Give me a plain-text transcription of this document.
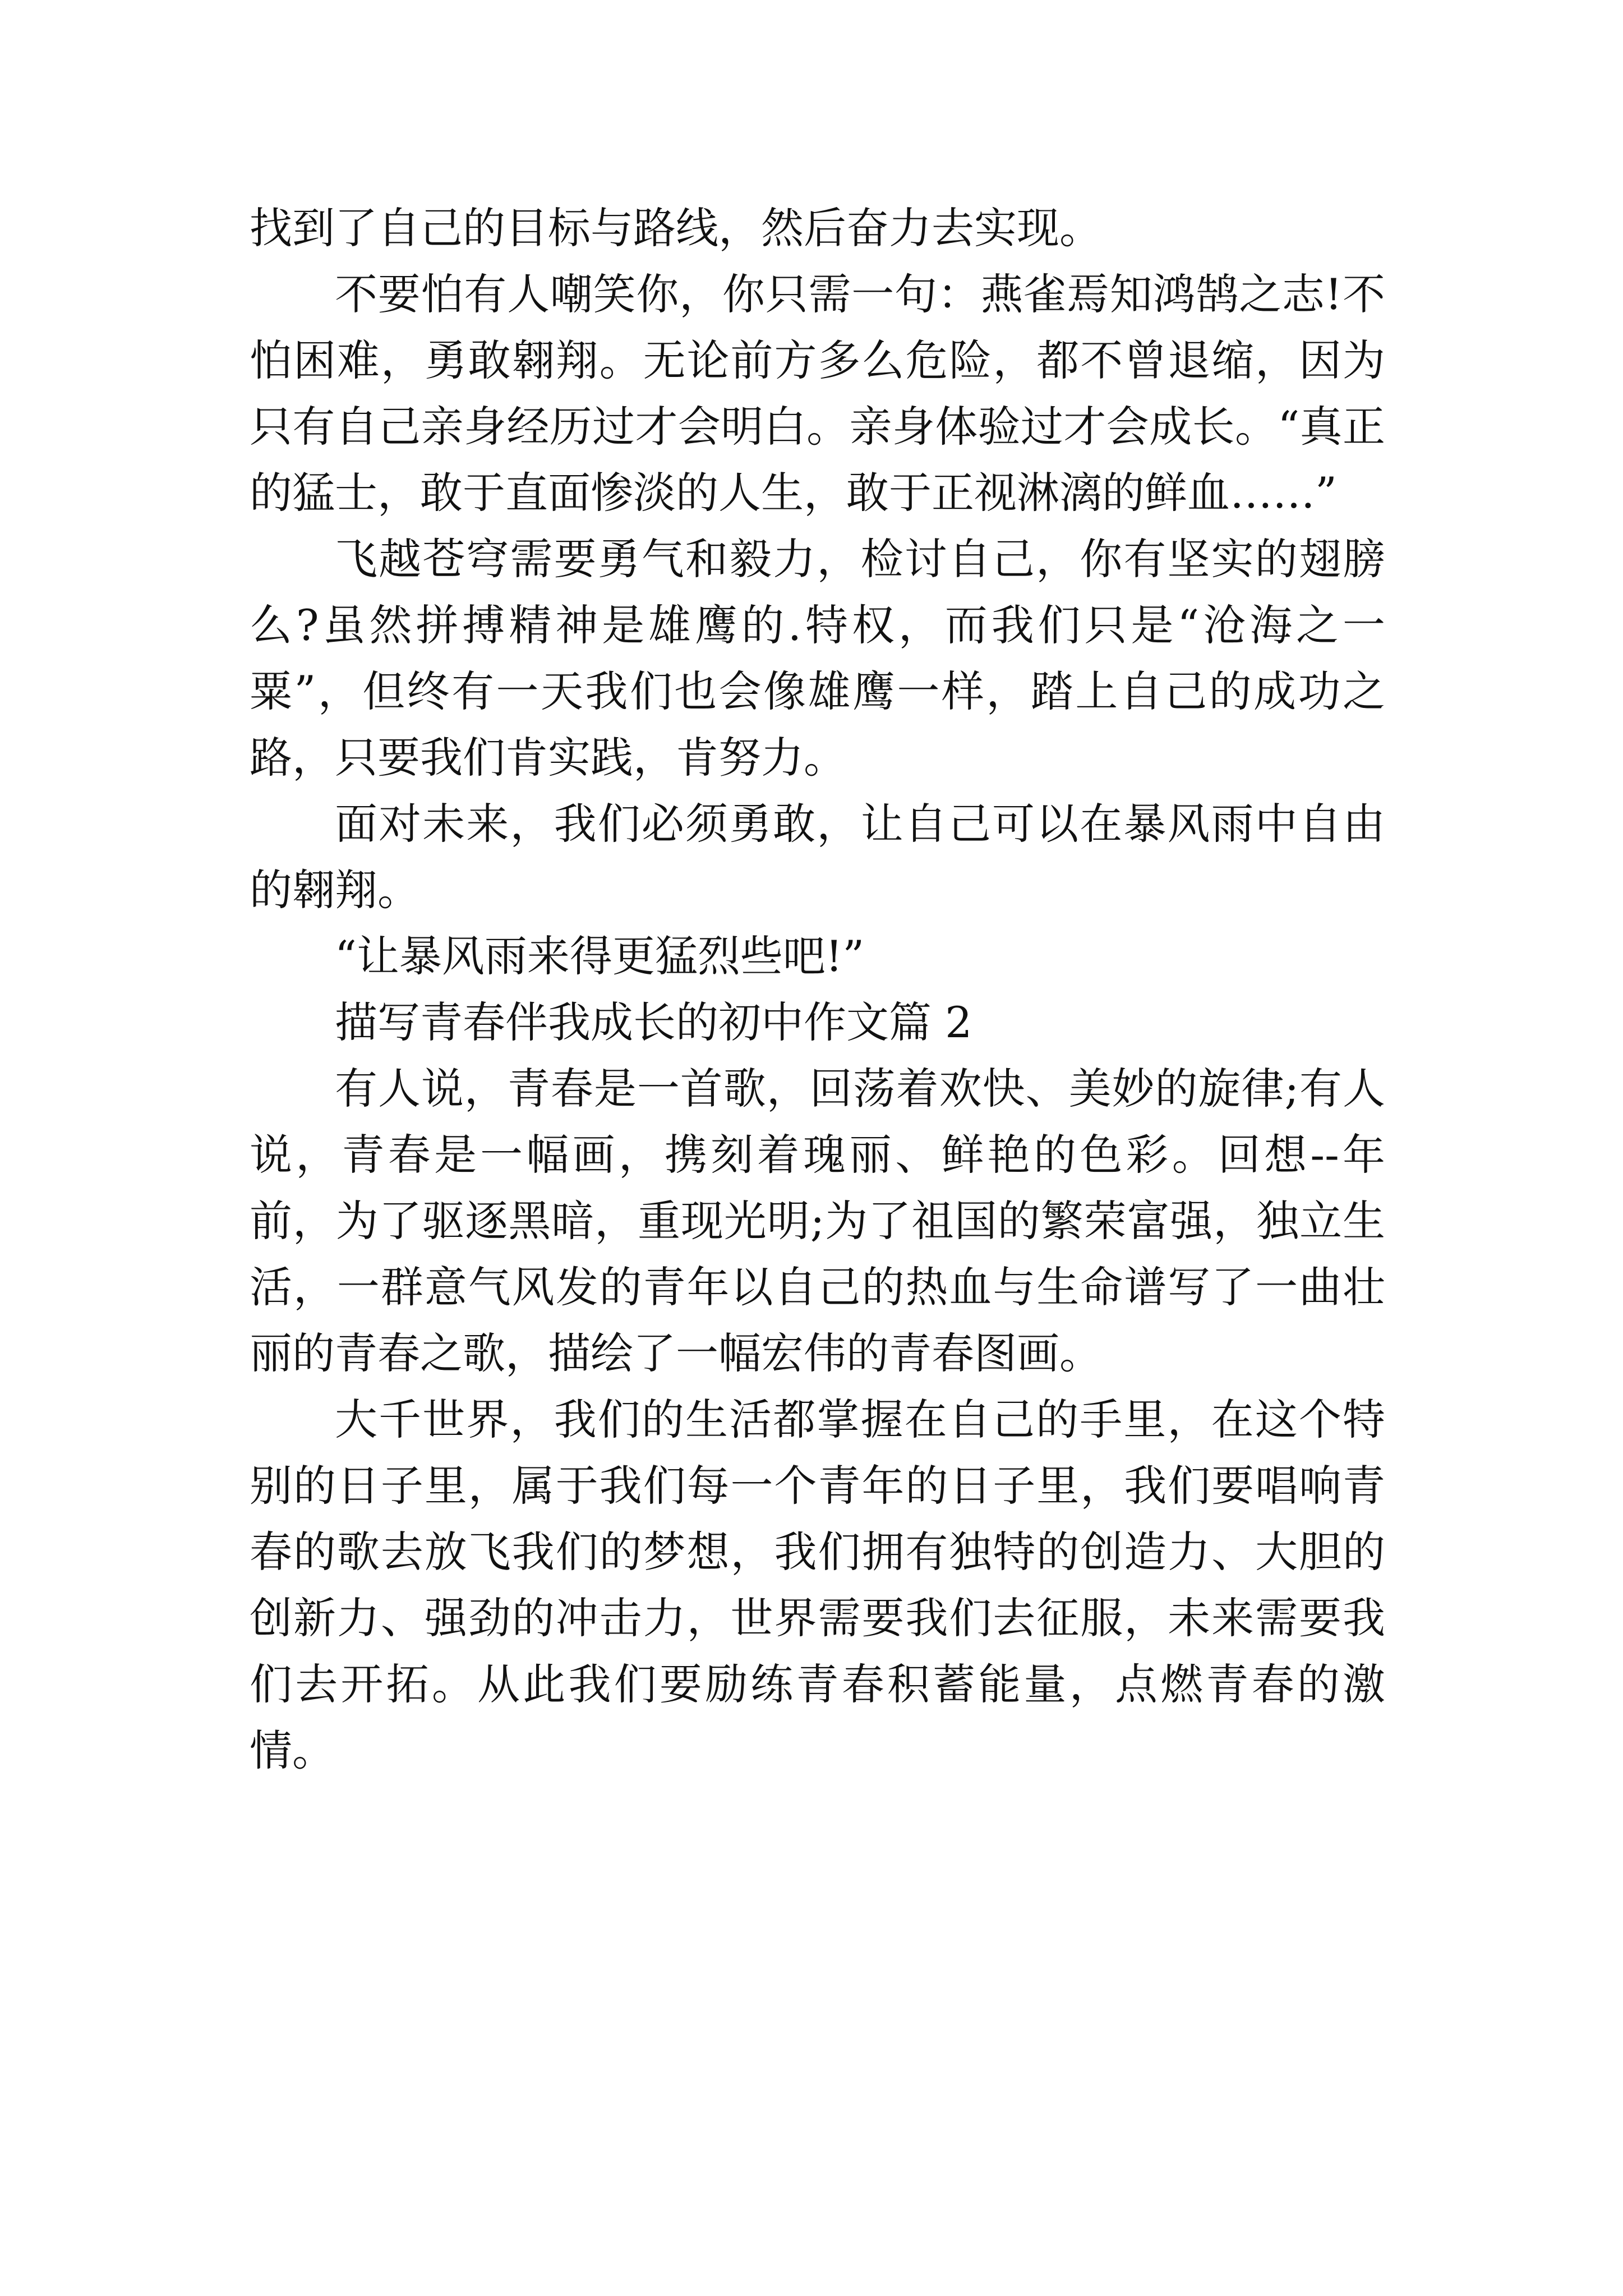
找到了自己的目标与路线，然后奋力去实现。

不要怕有人嘲笑你，你只需一句：燕雀焉知鸿鹄之志!不怕困难，勇敢翱翔。无论前方多么危险，都不曾退缩，因为只有自己亲身经历过才会明白。亲身体验过才会成长。“真正的猛士，敢于直面惨淡的人生，敢于正视淋漓的鲜血……”

飞越苍穹需要勇气和毅力，检讨自己，你有坚实的翅膀么?虽然拼搏精神是雄鹰的.特权，而我们只是“沧海之一粟”，但终有一天我们也会像雄鹰一样，踏上自己的成功之路，只要我们肯实践，肯努力。

面对未来，我们必须勇敢，让自己可以在暴风雨中自由的翱翔。

“让暴风雨来得更猛烈些吧!”

描写青春伴我成长的初中作文篇 2

有人说，青春是一首歌，回荡着欢快、美妙的旋律;有人说，青春是一幅画，携刻着瑰丽、鲜艳的色彩。回想--年前，为了驱逐黑暗，重现光明;为了祖国的繁荣富强，独立生活，一群意气风发的青年以自己的热血与生命谱写了一曲壮丽的青春之歌，描绘了一幅宏伟的青春图画。

大千世界，我们的生活都掌握在自己的手里，在这个特别的日子里，属于我们每一个青年的日子里，我们要唱响青春的歌去放飞我们的梦想，我们拥有独特的创造力、大胆的创新力、强劲的冲击力，世界需要我们去征服，未来需要我们去开拓。从此我们要励练青春积蓄能量，点燃青春的激情。
